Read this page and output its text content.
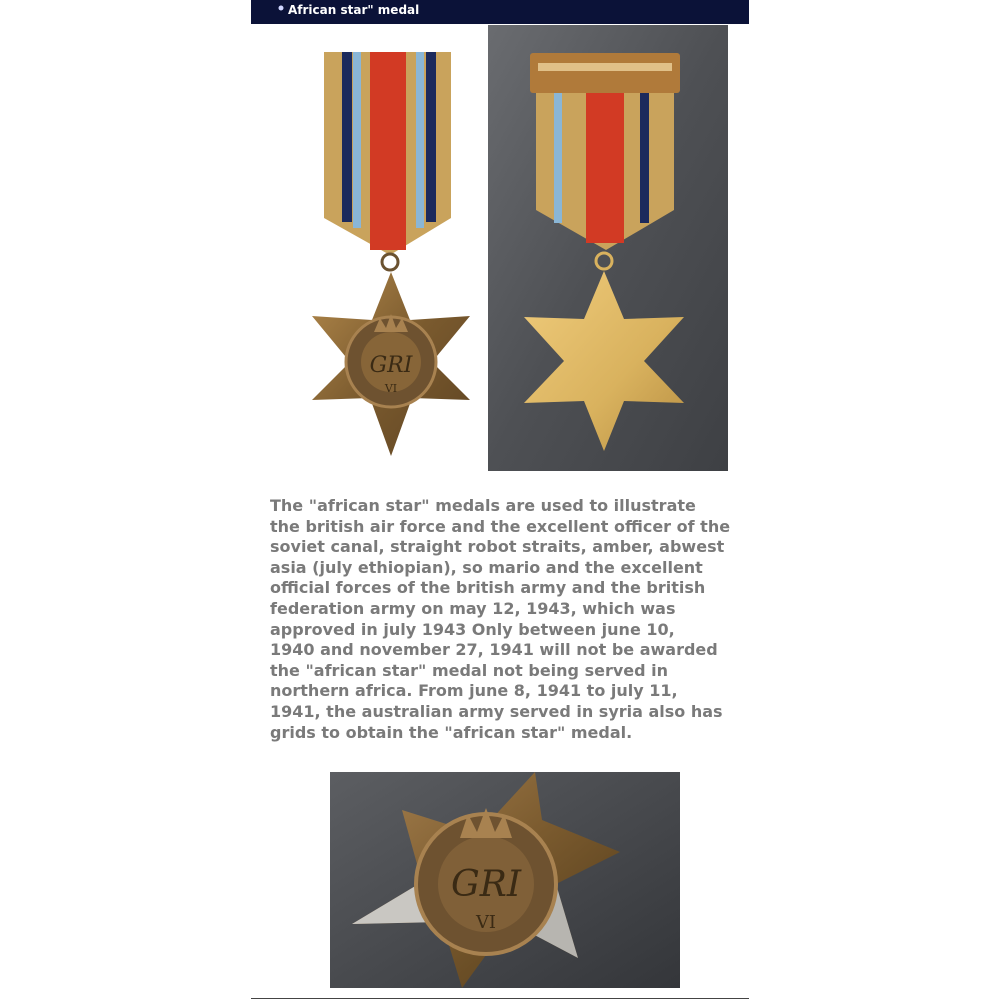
African star" medal
GRI
VI
The "african star" medals are used to illustrate
the british air force and the excellent officer of the
soviet canal, straight robot straits, amber, abwest
asia (july ethiopian), so mario and the excellent
official forces of the british army and the british
federation army on may 12, 1943, which was
approved in july 1943 Only between june 10,
1940 and november 27, 1941 will not be awarded
the "african star" medal not being served in
northern africa. From june 8, 1941 to july 11,
1941, the australian army served in syria also has
grids to obtain the "african star" medal.
GRI
VI
